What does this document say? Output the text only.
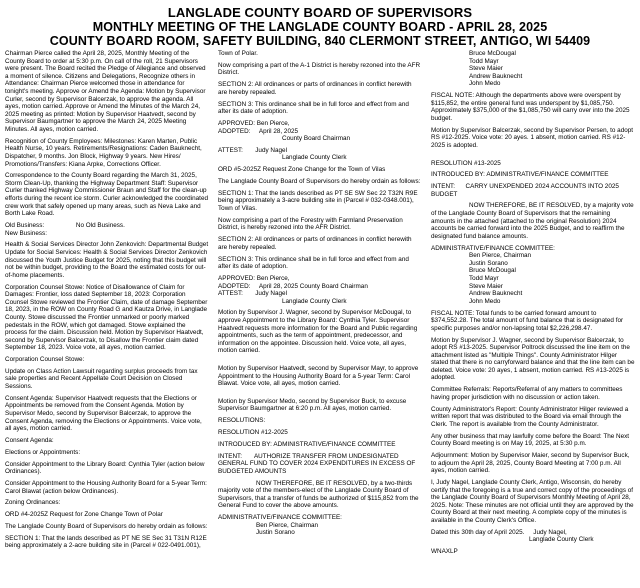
LANGLADE COUNTY BOARD OF SUPERVISORS
MONTHLY MEETING OF THE LANGLADE COUNTY BOARD - APRIL 28, 2025
COUNTY BOARD ROOM, SAFETY BUILDING, 840 CLERMONT STREET, ANTIGO, WI 54409

Chairman Pierce called the April 28, 2025, Monthly Meeting of the County Board to order at 5:30 p.m. On call of the roll, 21 Supervisors were present. The Board recited the Pledge of Allegiance and observed a moment of silence. Citizens and Delegations, Recognize others in Attendance: Chairman Pierce welcomed those in attendance for tonight's meeting. Approve or Amend the Agenda: Motion by Supervisor Curler, second by Supervisor Balcerzak, to approve the agenda. All ayes, motion carried. Approve or Amend the Minutes of the March 24, 2025 meeting as printed: Motion by Supervisor Haatvedt, second by Supervisor Baumgartner to approve the March 24, 2025 Meeting Minutes. All ayes, motion carried.

Recognition of County Employees: Milestones: Karen Marten, Public Health Nurse, 10 years. Retirements/Resignations: Caden Bauknecht, Dispatcher, 9 months. Jon Block, Highway 9 years. New Hires/ Promotions/Transfers: Kiana Arpke, Corrections Officer.

Correspondence to the County Board regarding the March 31, 2025, Storm Clean-Up, thanking the Highway Department Staff: Supervisor Curler thanked Highway Commissioner Braun and Staff for the clean-up efforts during the recent ice storm. Curler acknowledged the coordinated crew work that safely opened up many areas, such as Neva Lake and Borth Lake Road.

Old Business:                  No Old Business.

New Business:

Health & Social Services Director John Zenkovich: Departmental Budget Update for Social Services: Health & Social Services Director Zenkovich discussed the Youth Justice Budget for 2025, noting that this budget will not be within budget, providing to the Board the estimated costs for out-of-home placements.

Corporation Counsel Stowe: Notice of Disallowance of Claim for Damages: Frontier, loss dated September 18, 2023: Corporation Counsel Stowe reviewed the Frontier Claim, date of damage September 18, 2023, in the ROW on County Road G and Kautza Drive, in Langlade County. Stowe discussed the Frontier unmarked or poorly marked pedestals in the ROW, which got damaged. Stowe explained the process for the claim. Discussion held. Motion by Supervisor Haatvedt, second by Supervisor Balcerzak, to Disallow the Frontier claim dated September 18, 2023. Voice vote, all ayes, motion carried.

Corporation Counsel Stowe:

Update on Class Action Lawsuit regarding surplus proceeds from tax sale properties and Recent Appellate Court Decision on Closed Sessions.

Consent Agenda: Supervisor Haatvedt requests that the Elections or Appointments be removed from the Consent Agenda. Motion by Supervisor Medo, second by Supervisor Balcerzak, to approve the Consent Agenda, removing the Elections or Appointments. Voice vote, all ayes, motion carried.

Consent Agenda:

Elections or Appointments:

Consider Appointment to the Library Board: Cynthia Tyler (action below Ordinances).

Consider Appointment to the Housing Authority Board for a 5-year Term: Carol Blawat (action below Ordinances).

Zoning Ordinances:

ORD #4-2025Z Request for Zone Change Town of Polar

The Langlade County Board of Supervisors do hereby ordain as follows:

SECTION 1: That the lands described as PT NE SE Sec 31 T31N R12E being approximately a 2-acre building site in (Parcel # 022-0491.001),

Town of Polar.

Now comprising a part of the A-1 District is hereby rezoned into the AFR District.

SECTION 2: All ordinances or parts of ordinances in conflict herewith are hereby repealed.

SECTION 3: This ordinance shall be in full force and effect from and after its date of adoption.

APPROVED: Ben Pierce,
ADOPTED:     April 28, 2025
County Board Chairman
ATTEST:       Judy Nagel
Langlade County Clerk

ORD #5-2025Z Request Zone Change for the Town of Vilas

The Langlade County Board of Supervisors do hereby ordain as follows:

SECTION 1: That the lands described as PT SE SW Sec 22 T32N R9E being approximately a 3-acre building site in (Parcel # 032-0348.001), Town of Vilas.

Now comprising a part of the Forestry with Farmland Preservation District, is hereby rezoned into the AFR District.

SECTION 2: All ordinances or parts of ordinances in conflict herewith are hereby repealed.

SECTION 3: This ordinance shall be in full force and effect from and after its date of adoption.

APPROVED: Ben Pierce,
ADOPTED:     April 28, 2025 County Board Chairman
ATTEST:       Judy Nagel
Langlade County Clerk

Motion by Supervisor J. Wagner, second by Supervisor McDougal, to approve Appointment to the Library Board: Cynthia Tyler. Supervisor Haatvedt requests more information for the Board and Public regarding appointments, such as the term of appointment, predecessor, and information on the appointee. Discussion held. Voice vote, all ayes, motion carried.

Motion by Supervisor Haatvedt, second by Supervisor Mayr, to approve Appointment to the Housing Authority Board for a 5-year Term: Carol Blawat. Voice vote, all ayes, motion carried.

Motion by Supervisor Medo, second by Supervisor Buck, to excuse Supervisor Baumgartner at 6:20 p.m. All ayes, motion carried.

RESOLUTIONS:

RESOLUTION #12-2025

INTRODUCED BY: ADMINISTRATIVE/FINANCE COMMITTEE

INTENT:       AUTHORIZE TRANSFER FROM UNDESIGNATED GENERAL FUND TO COVER 2024 EXPENDITURES IN EXCESS OF BUDGETED AMOUNTS

NOW THEREFORE, BE IT RESOLVED, by a two-thirds majority vote of the members-elect of the Langlade County Board of Supervisors, that a transfer of funds be authorized of $115,852 from the General Fund to cover the above amounts.

ADMINISTRATIVE/FINANCE COMMITTEE:
Ben Pierce, Chairman
Justin Sorano
Bruce McDougal
Todd Mayr
Steve Maier
Andrew Bauknecht
John Medo

FISCAL NOTE: Although the departments above were overspent by $115,852, the entire general fund was underspent by $1,085,750. Approximately $375,000 of the $1,085,750 will carry over into the 2025 budget.

Motion by Supervisor Balcerzak, second by Supervisor Persen, to adopt RS #12-2025. Voice vote: 20 ayes. 1 absent, motion carried. RS #12-2025 is adopted.

RESOLUTION #13-2025

INTRODUCED BY: ADMINISTRATIVE/FINANCE COMMITTEE

INTENT:      CARRY UNEXPENDED 2024 ACCOUNTS INTO 2025 BUDGET

NOW THEREFORE, BE IT RESOLVED, by a majority vote of the Langlade County Board of Supervisors that the remaining amounts in the attached (attached to the original Resolution) 2024 accounts be carried forward into the 2025 Budget, and to reaffirm the designated fund balance amounts.

ADMINISTRATIVE/FINANCE COMMITTEE:
Ben Pierce, Chairman
Justin Sorano
Bruce McDougal
Todd Mayr
Steve Maier
Andrew Bauknecht
John Medo

FISCAL NOTE: Total funds to be carried forward amount to $374,552.28. The total amount of fund balance that is designated for specific purposes and/or non-lapsing total $2,226,298.47.

Motion by Supervisor J. Wagner, second by Supervisor Balcerzak, to adopt RS #13-2025. Supervisor Poltrock discussed the line item on the attachment listed as "Multiple Things". County Administrator Hilger stated that there is no carryforward balance and that the line item can be deleted. Voice vote: 20 ayes, 1 absent, motion carried. RS #13-2025 is adopted.

Committee Referrals: Reports/Referral of any matters to committees having proper jurisdiction with no discussion or action taken.

County Administrator's Report: County Administrator Hilger reviewed a written report that was distributed to the Board via email through the Clerk. The report is available from the County Administrator.

Any other business that may lawfully come before the Board: The Next County Board meeting is on May 19, 2025, at 5:30 p.m.

Adjournment: Motion by Supervisor Maier, second by Supervisor Buck, to adjourn the April 28, 2025, County Board Meeting at 7:00 p.m. All ayes, motion carried.

I, Judy Nagel, Langlade County Clerk, Antigo, Wisconsin, do hereby certify that the foregoing is a true and correct copy of the proceedings of the Langlade County Board of Supervisors Monthly Meeting of April 28, 2025. Note: These minutes are not official until they are approved by the County Board at their next meeting. A complete copy of the minutes is available in the County Clerk's Office.

Dated this 30th day of April 2025.     Judy Nagel,
Langlade County Clerk
WNAXLP
